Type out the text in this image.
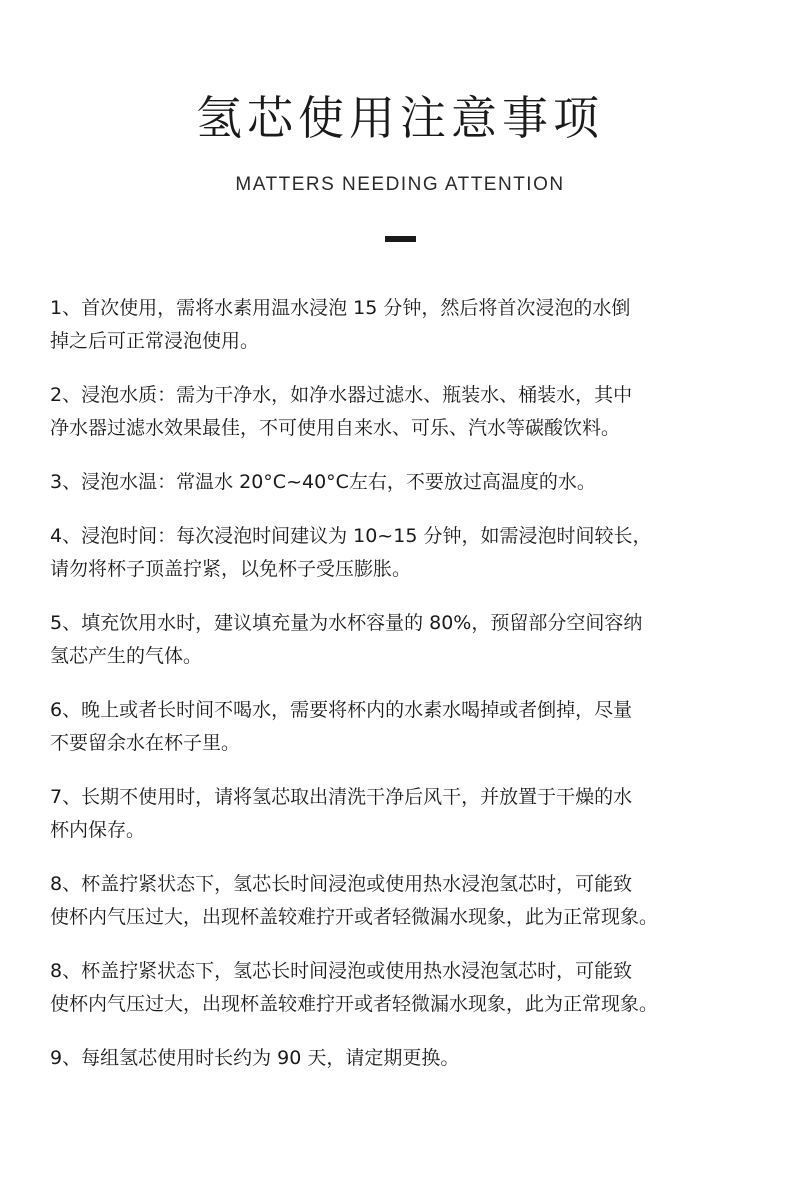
氢芯使用注意事项

MATTERS NEEDING ATTENTION

1、首次使用，需将水素用温水浸泡 15 分钟，然后将首次浸泡的水倒
掉之后可正常浸泡使用。
2、浸泡水质：需为干净水，如净水器过滤水、瓶装水、桶装水，其中
净水器过滤水效果最佳，不可使用自来水、可乐、汽水等碳酸饮料。
3、浸泡水温：常温水 20°C~40°C左右，不要放过高温度的水。
4、浸泡时间：每次浸泡时间建议为 10~15 分钟，如需浸泡时间较长，
请勿将杯子顶盖拧紧，以免杯子受压膨胀。
5、填充饮用水时，建议填充量为水杯容量的 80%，预留部分空间容纳
氢芯产生的气体。
6、晚上或者长时间不喝水，需要将杯内的水素水喝掉或者倒掉，尽量
不要留余水在杯子里。
7、长期不使用时，请将氢芯取出清洗干净后风干，并放置于干燥的水
杯内保存。
8、杯盖拧紧状态下，氢芯长时间浸泡或使用热水浸泡氢芯时，可能致
使杯内气压过大，出现杯盖较难拧开或者轻微漏水现象，此为正常现象。
8、杯盖拧紧状态下，氢芯长时间浸泡或使用热水浸泡氢芯时，可能致
使杯内气压过大，出现杯盖较难拧开或者轻微漏水现象，此为正常现象。
9、每组氢芯使用时长约为 90 天，请定期更换。
